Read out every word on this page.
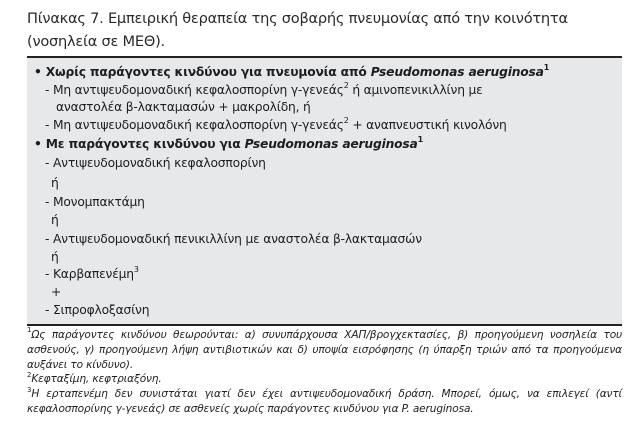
Πίνακας 7. Εμπειρική θεραπεία της σοβαρής πνευμονίας από την κοινότητα
(νοσηλεία σε ΜΕΘ).
• Χωρίς παράγοντες κινδύνου για πνευμονία από Pseudomonas aeruginosa$^1$
- Μη αντιψευδομοναδική κεφαλοσπορίνη γ-γενεάς$^2$ ή αμινοπενικιλλίνη με
αναστολέα β-λακταμασών + μακρολίδη, ή
- Μη αντιψευδομοναδική κεφαλοσπορίνη γ-γενεάς$^2$ + αναπνευστική κινολόνη
• Με παράγοντες κινδύνου για Pseudomonas aeruginosa$^1$
- Αντιψευδομοναδική κεφαλοσπορίνη
ή
- Μονομπακτάμη
ή
- Αντιψευδομοναδική πενικιλλίνη με αναστολέα β-λακταμασών
ή
- Καρβαπενέμη$^3$
+
- Σιπροφλοξασίνη
$^1$Ως παράγοντες κινδύνου θεωρούνται: α) συνυπάρχουσα ΧΑΠ/βρογχεκτασίες, β) προηγούμενη νοσηλεία του ασθενούς, γ) προηγούμενη λήψη αντιβιοτικών και δ) υποψία εισρόφησης (η ύπαρξη τριών από τα προηγούμενα αυξάνει το κίνδυνο).
$^2$Κεφταξίμη, κεφτριαξόνη.
$^3$Η ερταπενέμη δεν συνιστάται γιατί δεν έχει αντιψευδομοναδική δράση. Μπορεί, όμως, να επιλεγεί (αντί κεφαλοσπορίνης γ-γενεάς) σε ασθενείς χωρίς παράγοντες κινδύνου για P. aeruginosa.
